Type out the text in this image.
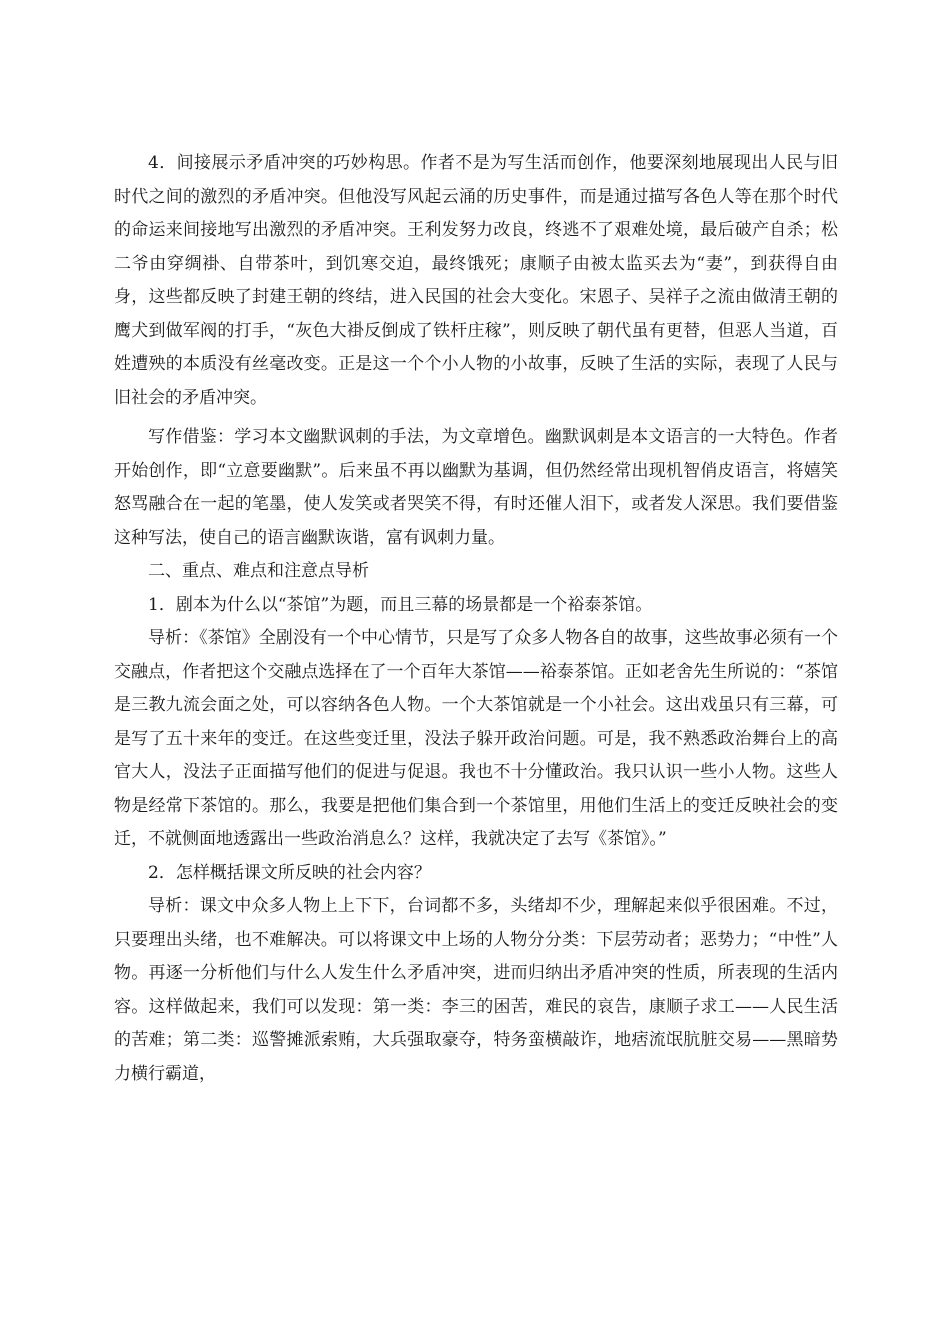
4．间接展示矛盾冲突的巧妙构思。作者不是为写生活而创作，他要深刻地展现出人民与旧时代之间的激烈的矛盾冲突。但他没写风起云涌的历史事件，而是通过描写各色人等在那个时代的命运来间接地写出激烈的矛盾冲突。王利发努力改良，终逃不了艰难处境，最后破产自杀；松二爷由穿绸褂、自带茶叶，到饥寒交迫，最终饿死；康顺子由被太监买去为“妻”，到获得自由身，这些都反映了封建王朝的终结，进入民国的社会大变化。宋恩子、吴祥子之流由做清王朝的鹰犬到做军阀的打手，“灰色大褂反倒成了铁杆庄稼”，则反映了朝代虽有更替，但恶人当道，百姓遭殃的本质没有丝毫改变。正是这一个个小人物的小故事，反映了生活的实际，表现了人民与旧社会的矛盾冲突。

写作借鉴：学习本文幽默讽刺的手法，为文章增色。幽默讽刺是本文语言的一大特色。作者开始创作，即“立意要幽默”。后来虽不再以幽默为基调，但仍然经常出现机智俏皮语言，将嬉笑怒骂融合在一起的笔墨，使人发笑或者哭笑不得，有时还催人泪下，或者发人深思。我们要借鉴这种写法，使自己的语言幽默诙谐，富有讽刺力量。

二、重点、难点和注意点导析

1．剧本为什么以“茶馆”为题，而且三幕的场景都是一个裕泰茶馆。

导析：《茶馆》全剧没有一个中心情节，只是写了众多人物各自的故事，这些故事必须有一个交融点，作者把这个交融点选择在了一个百年大茶馆——裕泰茶馆。正如老舍先生所说的：“茶馆是三教九流会面之处，可以容纳各色人物。一个大茶馆就是一个小社会。这出戏虽只有三幕，可是写了五十来年的变迁。在这些变迁里，没法子躲开政治问题。可是，我不熟悉政治舞台上的高官大人，没法子正面描写他们的促进与促退。我也不十分懂政治。我只认识一些小人物。这些人物是经常下茶馆的。那么，我要是把他们集合到一个茶馆里，用他们生活上的变迁反映社会的变迁，不就侧面地透露出一些政治消息么？这样，我就决定了去写《茶馆》。”

2．怎样概括课文所反映的社会内容？

导析：课文中众多人物上上下下，台词都不多，头绪却不少，理解起来似乎很困难。不过，只要理出头绪，也不难解决。可以将课文中上场的人物分分类：下层劳动者；恶势力；“中性”人物。再逐一分析他们与什么人发生什么矛盾冲突，进而归纳出矛盾冲突的性质，所表现的生活内容。这样做起来，我们可以发现：第一类：李三的困苦，难民的哀告，康顺子求工——人民生活的苦难；第二类：巡警摊派索贿，大兵强取豪夺，特务蛮横敲诈，地痞流氓肮脏交易——黑暗势力横行霸道，
